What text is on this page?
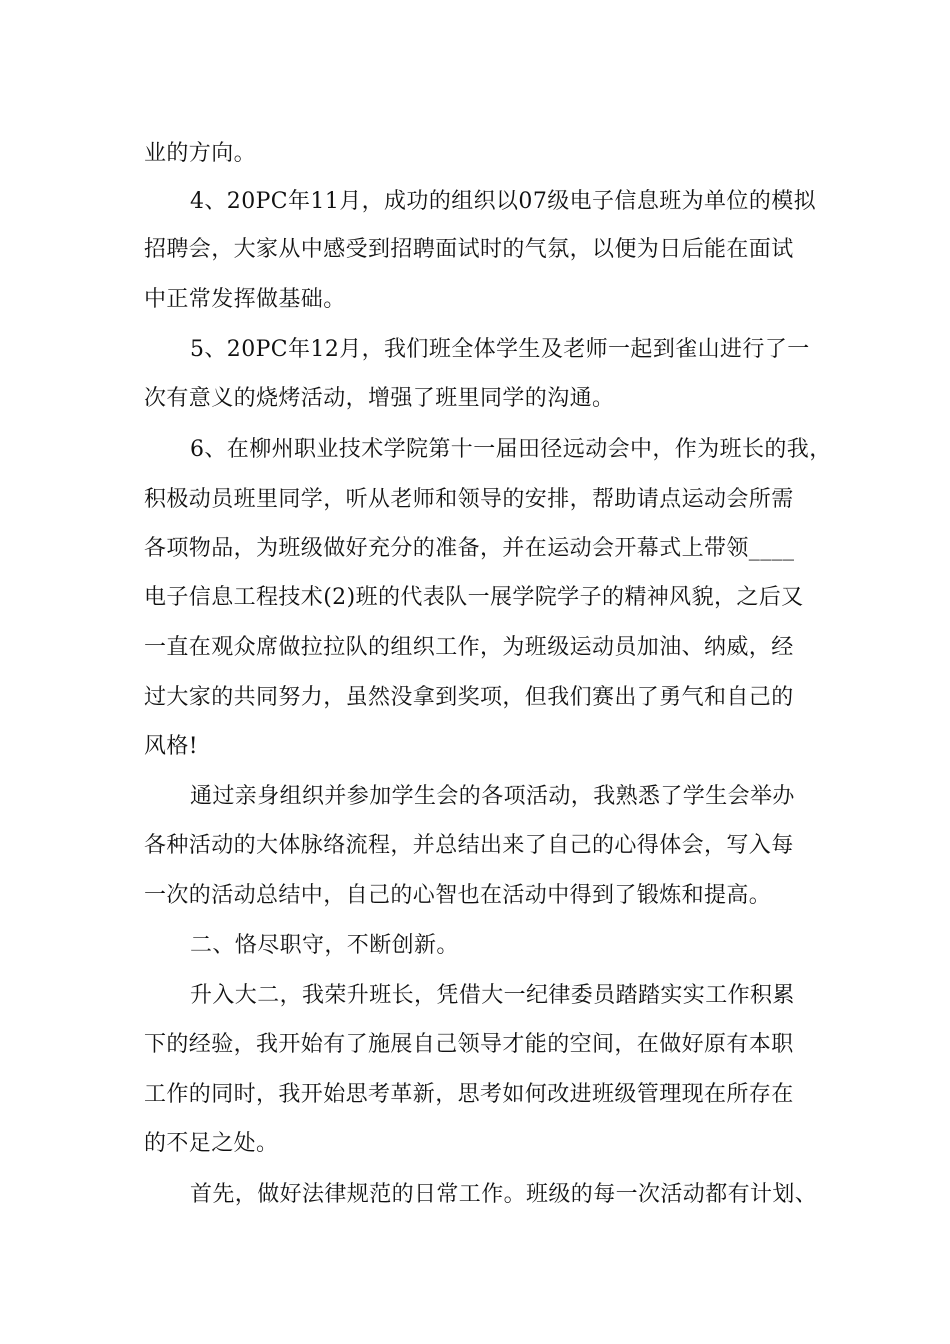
业的方向。
4、20PC年11月，成功的组织以07级电子信息班为单位的模拟
招聘会，大家从中感受到招聘面试时的气氛，以便为日后能在面试
中正常发挥做基础。
5、20PC年12月，我们班全体学生及老师一起到雀山进行了一
次有意义的烧烤活动，增强了班里同学的沟通。
6、在柳州职业技术学院第十一届田径远动会中，作为班长的我，
积极动员班里同学，听从老师和领导的安排，帮助请点运动会所需
各项物品，为班级做好充分的准备，并在运动会开幕式上带领____
电子信息工程技术(2)班的代表队一展学院学子的精神风貌，之后又
一直在观众席做拉拉队的组织工作，为班级运动员加油、纳威，经
过大家的共同努力，虽然没拿到奖项，但我们赛出了勇气和自己的
风格!
通过亲身组织并参加学生会的各项活动，我熟悉了学生会举办
各种活动的大体脉络流程，并总结出来了自己的心得体会，写入每
一次的活动总结中，自己的心智也在活动中得到了锻炼和提高。
二、恪尽职守，不断创新。
升入大二，我荣升班长，凭借大一纪律委员踏踏实实工作积累
下的经验，我开始有了施展自己领导才能的空间，在做好原有本职
工作的同时，我开始思考革新，思考如何改进班级管理现在所存在
的不足之处。
首先，做好法律规范的日常工作。班级的每一次活动都有计划、
